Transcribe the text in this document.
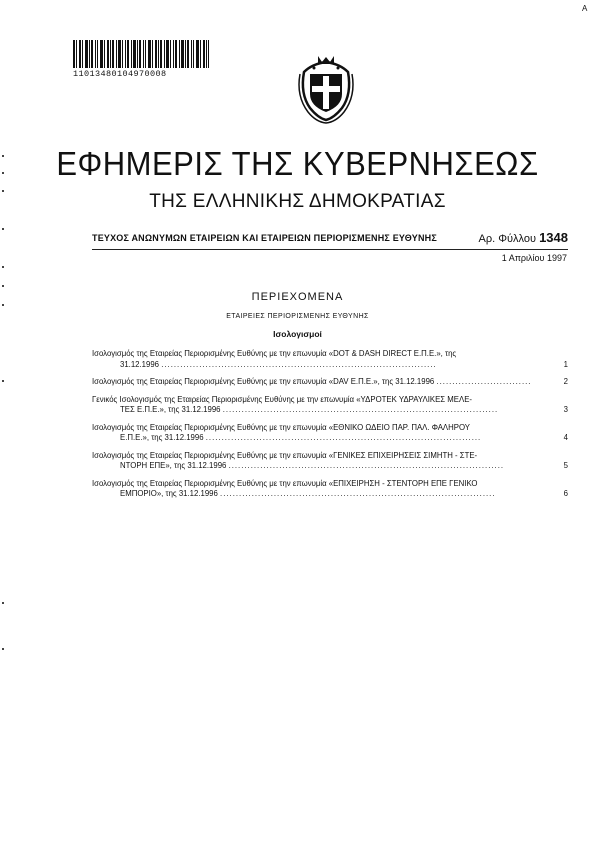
Α
11013480104970008
ΕΦΗΜΕΡΙΣ ΤΗΣ ΚΥΒΕΡΝΗΣΕΩΣ
ΤΗΣ ΕΛΛΗΝΙΚΗΣ ΔΗΜΟΚΡΑΤΙΑΣ
ΤΕΥΧΟΣ ΑΝΩΝΥΜΩΝ ΕΤΑΙΡΕΙΩΝ ΚΑΙ ΕΤΑΙΡΕΙΩΝ ΠΕΡΙΟΡΙΣΜΕΝΗΣ ΕΥΘΥΝΗΣ	Αρ. Φύλλου 1348
1 Απριλίου 1997
ΠΕΡΙΕΧΟΜΕΝΑ
ΕΤΑΙΡΕΙΕΣ ΠΕΡΙΟΡΙΣΜΕΝΗΣ ΕΥΘΥΝΗΣ
Ισολογισμοί
Ισολογισμός της Εταιρείας Περιορισμένης Ευθύνης με την επωνυμία «DOT & DASH DIRECT Ε.Π.Ε.», της
31.12.1996 .......................................................................................	1
Ισολογισμός της Εταιρείας Περιορισμένης Ευθύνης με την επωνυμία «DAV Ε.Π.Ε.», της 31.12.1996 ..............................	2
Γενικός Ισολογισμός της Εταιρείας Περιορισμένης Ευθύνης με την επωνυμία «ΥΔΡΟΤΕΚ ΥΔΡΑΥΛΙΚΕΣ ΜΕΛΕ-
ΤΕΣ Ε.Π.Ε.», της 31.12.1996 .......................................................................................	3
Ισολογισμός της Εταιρείας Περιορισμένης Ευθύνης με την επωνυμία «ΕΘΝΙΚΟ ΩΔΕΙΟ ΠΑΡ. ΠΑΛ. ΦΑΛΗΡΟΥ
Ε.Π.Ε.», της 31.12.1996 .......................................................................................	4
Ισολογισμός της Εταιρείας Περιορισμένης Ευθύνης με την επωνυμία «ΓΕΝΙΚΕΣ ΕΠΙΧΕΙΡΗΣΕΙΣ ΣΙΜΗΤΗ - ΣΤΕ-
ΝΤΟΡΗ ΕΠΕ», της 31.12.1996 .......................................................................................	5
Ισολογισμός της Εταιρείας Περιορισμένης Ευθύνης με την επωνυμία «ΕΠΙΧΕΙΡΗΣΗ - ΣΤΕΝΤΟΡΗ ΕΠΕ ΓΕΝΙΚΟ
ΕΜΠΟΡΙΟ», της 31.12.1996 .......................................................................................	6
